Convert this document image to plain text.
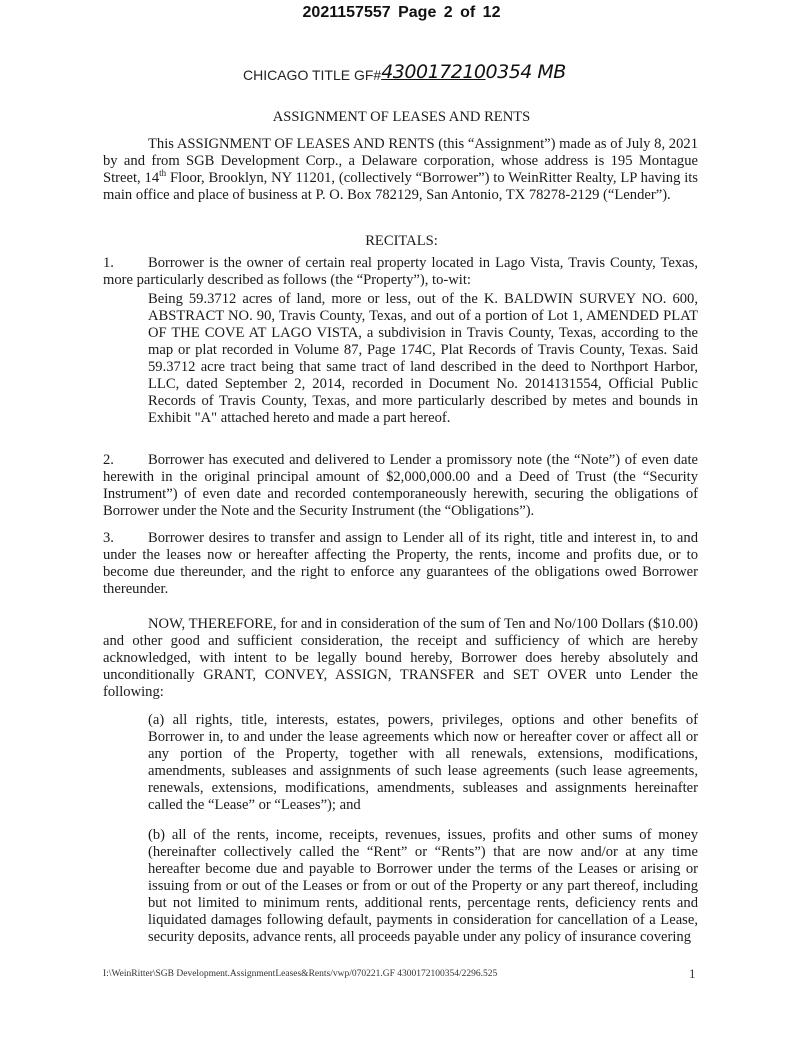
2021157557 Page 2 of 12
CHICAGO TITLE GF#4300172100354 MB
ASSIGNMENT OF LEASES AND RENTS

This ASSIGNMENT OF LEASES AND RENTS (this “Assignment”) made as of July 8, 2021 by and from SGB Development Corp., a Delaware corporation, whose address is 195 Montague Street, 14th Floor, Brooklyn, NY 11201, (collectively “Borrower”) to WeinRitter Realty, LP having its main office and place of business at P. O. Box 782129, San Antonio, TX 78278-2129 (“Lender”).

RECITALS:

1. Borrower is the owner of certain real property located in Lago Vista, Travis County, Texas, more particularly described as follows (the “Property”), to-wit:

Being 59.3712 acres of land, more or less, out of the K. BALDWIN SURVEY NO. 600, ABSTRACT NO. 90, Travis County, Texas, and out of a portion of Lot 1, AMENDED PLAT OF THE COVE AT LAGO VISTA, a subdivision in Travis County, Texas, according to the map or plat recorded in Volume 87, Page 174C, Plat Records of Travis County, Texas. Said 59.3712 acre tract being that same tract of land described in the deed to Northport Harbor, LLC, dated September 2, 2014, recorded in Document No. 2014131554, Official Public Records of Travis County, Texas, and more particularly described by metes and bounds in Exhibit "A" attached hereto and made a part hereof.

2. Borrower has executed and delivered to Lender a promissory note (the “Note”) of even date herewith in the original principal amount of $2,000,000.00 and a Deed of Trust (the “Security Instrument”) of even date and recorded contemporaneously herewith, securing the obligations of Borrower under the Note and the Security Instrument (the “Obligations”).

3. Borrower desires to transfer and assign to Lender all of its right, title and interest in, to and under the leases now or hereafter affecting the Property, the rents, income and profits due, or to become due thereunder, and the right to enforce any guarantees of the obligations owed Borrower thereunder.

NOW, THEREFORE, for and in consideration of the sum of Ten and No/100 Dollars ($10.00) and other good and sufficient consideration, the receipt and sufficiency of which are hereby acknowledged, with intent to be legally bound hereby, Borrower does hereby absolutely and unconditionally GRANT, CONVEY, ASSIGN, TRANSFER and SET OVER unto Lender the following:

(a) all rights, title, interests, estates, powers, privileges, options and other benefits of Borrower in, to and under the lease agreements which now or hereafter cover or affect all or any portion of the Property, together with all renewals, extensions, modifications, amendments, subleases and assignments of such lease agreements (such lease agreements, renewals, extensions, modifications, amendments, subleases and assignments hereinafter called the “Lease” or “Leases”); and

(b) all of the rents, income, receipts, revenues, issues, profits and other sums of money (hereinafter collectively called the “Rent” or “Rents”) that are now and/or at any time hereafter become due and payable to Borrower under the terms of the Leases or arising or issuing from or out of the Leases or from or out of the Property or any part thereof, including but not limited to minimum rents, additional rents, percentage rents, deficiency rents and liquidated damages following default, payments in consideration for cancellation of a Lease, security deposits, advance rents, all proceeds payable under any policy of insurance covering

I:\WeinRitter\SGB Development.AssignmentLeases&Rents/vwp/070221.GF 4300172100354/2296.525	1
